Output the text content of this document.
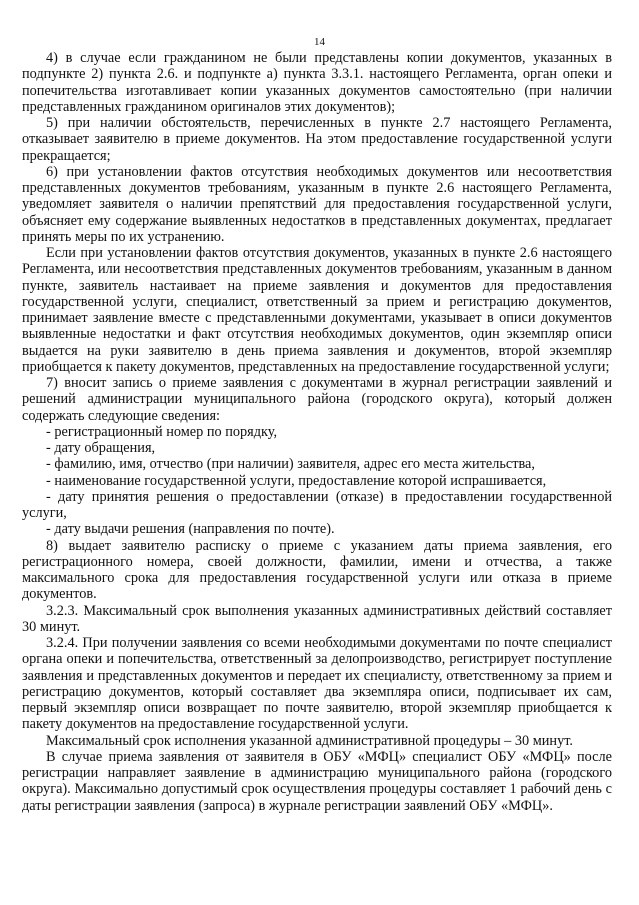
14

4) в случае если гражданином не были представлены копии документов, указанных в подпункте 2) пункта 2.6. и подпункте а) пункта 3.3.1. настоящего Регламента, орган опеки и попечительства изготавливает копии указанных документов самостоятельно (при наличии представленных гражданином оригиналов этих документов);

5) при наличии обстоятельств, перечисленных в пункте 2.7 настоящего Регламента, отказывает заявителю в приеме документов. На этом предоставление государственной услуги прекращается;

6) при установлении фактов отсутствия необходимых документов или несоответствия представленных документов требованиям, указанным в пункте 2.6 настоящего Регламента, уведомляет заявителя о наличии препятствий для предоставления государственной услуги, объясняет ему содержание выявленных недостатков в представленных документах, предлагает принять меры по их устранению.

Если при установлении фактов отсутствия документов, указанных в пункте 2.6 настоящего Регламента, или несоответствия представленных документов требованиям, указанным в данном пункте, заявитель настаивает на приеме заявления и документов для предоставления государственной услуги, специалист, ответственный за прием и регистрацию документов, принимает заявление вместе с представленными документами, указывает в описи документов выявленные недостатки и факт отсутствия необходимых документов, один экземпляр описи выдается на руки заявителю в день приема заявления и документов, второй экземпляр приобщается к пакету документов, представленных на предоставление государственной услуги;

7) вносит запись о приеме заявления с документами в журнал регистрации заявлений и решений администрации муниципального района (городского округа), который должен содержать следующие сведения:

- регистрационный номер по порядку,

- дату обращения,

- фамилию, имя, отчество (при наличии) заявителя, адрес его места жительства,

- наименование государственной услуги, предоставление которой испрашивается,

- дату принятия решения о предоставлении (отказе) в предоставлении государственной услуги,

- дату выдачи решения (направления по почте).

8) выдает заявителю расписку о приеме с указанием даты приема заявления, его регистрационного номера, своей должности, фамилии, имени и отчества, а также максимального срока для предоставления государственной услуги или отказа в приеме документов.

3.2.3. Максимальный срок выполнения указанных административных действий составляет 30 минут.

3.2.4. При получении заявления со всеми необходимыми документами по почте специалист органа опеки и попечительства, ответственный за делопроизводство, регистрирует поступление заявления и представленных документов и передает их специалисту, ответственному за прием и регистрацию документов, который составляет два экземпляра описи, подписывает их сам, первый экземпляр описи возвращает по почте заявителю, второй экземпляр приобщается к пакету документов на предоставление государственной услуги.

Максимальный срок исполнения указанной административной процедуры – 30 минут.

В случае приема заявления от заявителя в ОБУ «МФЦ» специалист ОБУ «МФЦ» после регистрации направляет заявление в администрацию муниципального района (городского округа). Максимально допустимый срок осуществления процедуры составляет 1 рабочий день с даты регистрации заявления (запроса) в журнале регистрации заявлений ОБУ «МФЦ».
